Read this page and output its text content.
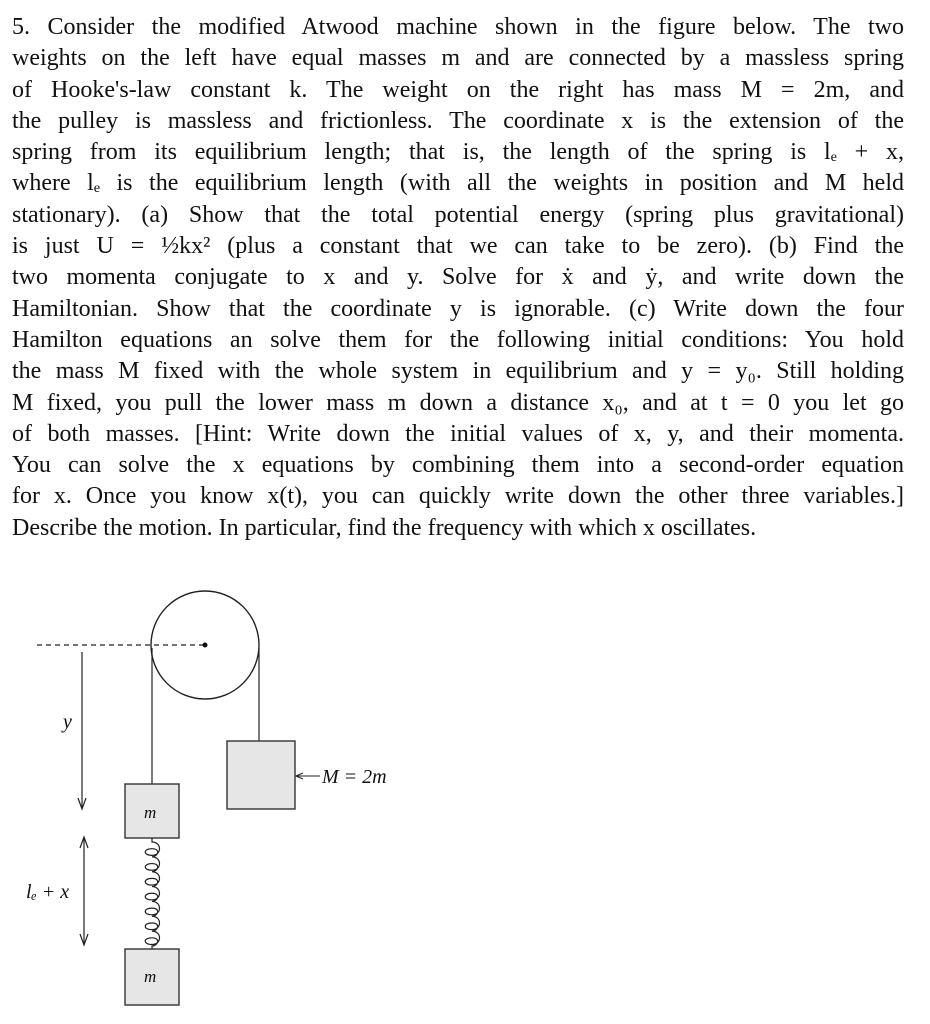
5. Consider the modified Atwood machine shown in the figure below. The two
weights on the left have equal masses m and are connected by a massless spring
of Hooke's-law constant k. The weight on the right has mass M = 2m, and
the pulley is massless and frictionless. The coordinate x is the extension of the
spring from its equilibrium length; that is, the length of the spring is lₑ + x,
where lₑ is the equilibrium length (with all the weights in position and M held
stationary). (a) Show that the total potential energy (spring plus gravitational)
is just U = ½kx² (plus a constant that we can take to be zero). (b) Find the
two momenta conjugate to x and y. Solve for ẋ and ẏ, and write down the
Hamiltonian. Show that the coordinate y is ignorable. (c) Write down the four
Hamilton equations an solve them for the following initial conditions: You hold
the mass M fixed with the whole system in equilibrium and y = y₀. Still holding
M fixed, you pull the lower mass m down a distance x₀, and at t = 0 you let go
of both masses. [Hint: Write down the initial values of x, y, and their momenta.
You can solve the x equations by combining them into a second-order equation
for x. Once you know x(t), you can quickly write down the other three variables.]
Describe the motion. In particular, find the frequency with which x oscillates.
y
lₑ + x
m
m
M = 2m
